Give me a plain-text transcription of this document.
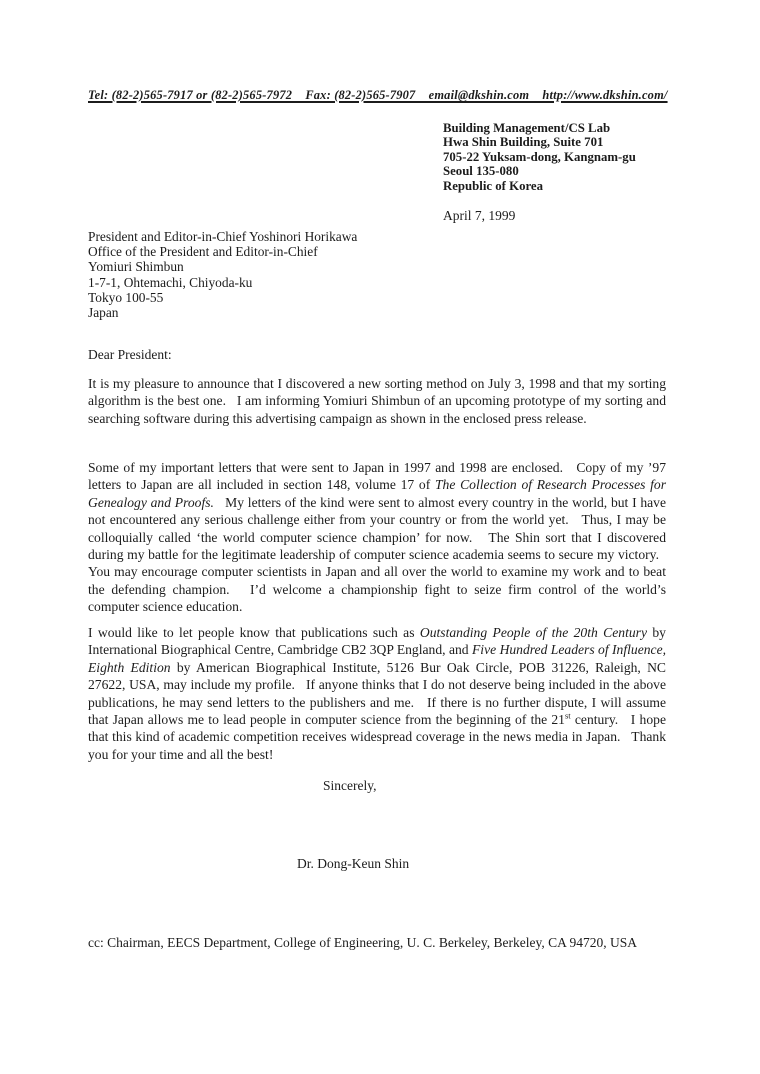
Tel: (82-2)565-7917 or (82-2)565-7972    Fax: (82-2)565-7907    email@dkshin.com    http://www.dkshin.com/
Building Management/CS Lab
Hwa Shin Building, Suite 701
705-22 Yuksam-dong, Kangnam-gu
Seoul 135-080
Republic of Korea
April 7, 1999
President and Editor-in-Chief Yoshinori Horikawa
Office of the President and Editor-in-Chief
Yomiuri Shimbun
1-7-1, Ohtemachi, Chiyoda-ku
Tokyo 100-55
Japan
Dear President:
It is my pleasure to announce that I discovered a new sorting method on July 3, 1998 and that my sorting algorithm is the best one.   I am informing Yomiuri Shimbun of an upcoming prototype of my sorting and searching software during this advertising campaign as shown in the enclosed press release.
Some of my important letters that were sent to Japan in 1997 and 1998 are enclosed.   Copy of my ’97 letters to Japan are all included in section 148, volume 17 of The Collection of Research Processes for Genealogy and Proofs.   My letters of the kind were sent to almost every country in the world, but I have not encountered any serious challenge either from your country or from the world yet.   Thus, I may be colloquially called ‘the world computer science champion’ for now.   The Shin sort that I discovered during my battle for the legitimate leadership of computer science academia seems to secure my victory.   You may encourage computer scientists in Japan and all over the world to examine my work and to beat the defending champion.   I’d welcome a championship fight to seize firm control of the world’s computer science education.
I would like to let people know that publications such as Outstanding People of the 20th Century by International Biographical Centre, Cambridge CB2 3QP England, and Five Hundred Leaders of Influence, Eighth Edition by American Biographical Institute, 5126 Bur Oak Circle, POB 31226, Raleigh, NC 27622, USA, may include my profile.   If anyone thinks that I do not deserve being included in the above publications, he may send letters to the publishers and me.   If there is no further dispute, I will assume that Japan allows me to lead people in computer science from the beginning of the 21st century.   I hope that this kind of academic competition receives widespread coverage in the news media in Japan.   Thank you for your time and all the best!
Sincerely,
Dr. Dong-Keun Shin
cc: Chairman, EECS Department, College of Engineering, U. C. Berkeley, Berkeley, CA 94720, USA
